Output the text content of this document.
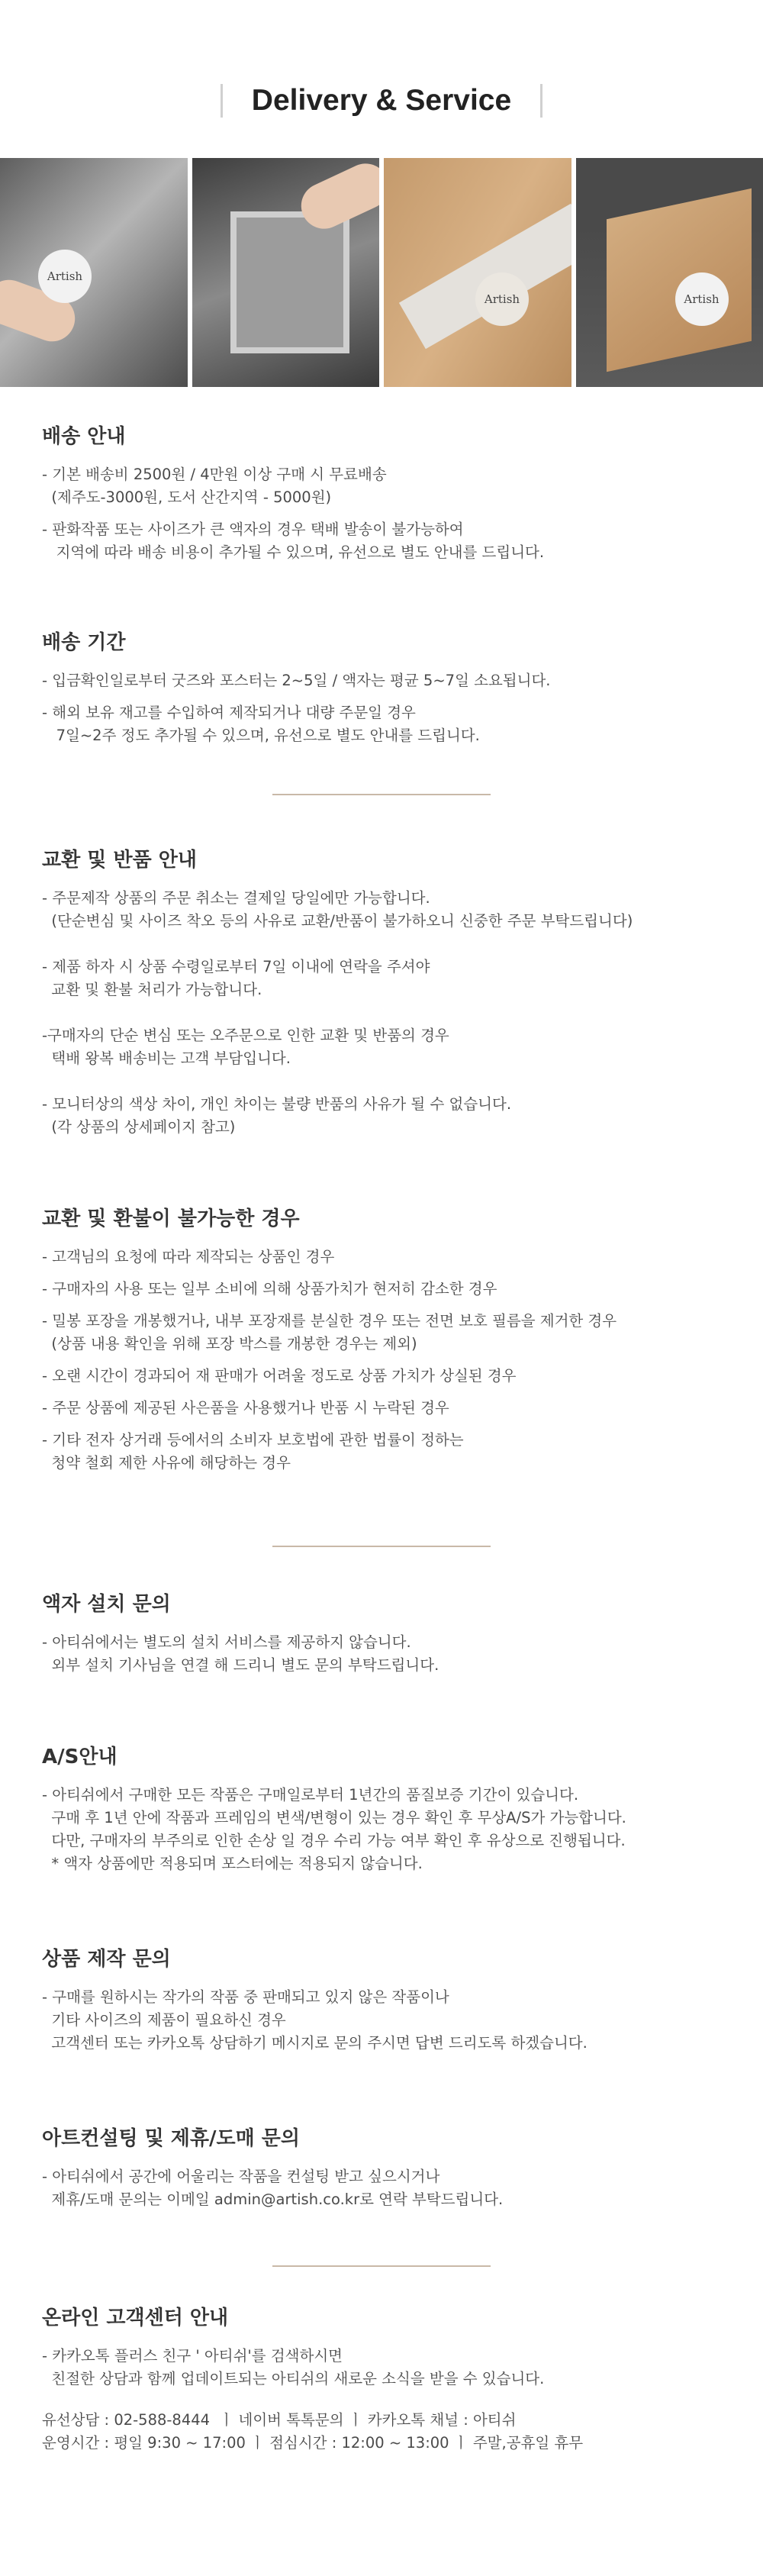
Delivery & Service
Artish
Artish	Artish
배송 안내
- 기본 배송비 2500원 / 4만원 이상 구매 시 무료배송
(제주도-3000원, 도서 산간지역 - 5000원)
- 판화작품 또는 사이즈가 큰 액자의 경우 택배 발송이 불가능하여
지역에 따라 배송 비용이 추가될 수 있으며, 유선으로 별도 안내를 드립니다.
배송 기간
- 입금확인일로부터 굿즈와 포스터는 2~5일 / 액자는 평균 5~7일 소요됩니다.
- 해외 보유 재고를 수입하여 제작되거나 대량 주문일 경우
7일~2주 정도 추가될 수 있으며, 유선으로 별도 안내를 드립니다.
교환 및 반품 안내
- 주문제작 상품의 주문 취소는 결제일 당일에만 가능합니다.
(단순변심 및 사이즈 착오 등의 사유로 교환/반품이 불가하오니 신중한 주문 부탁드립니다)
- 제품 하자 시 상품 수령일로부터 7일 이내에 연락을 주셔야
교환 및 환불 처리가 가능합니다.
-구매자의 단순 변심 또는 오주문으로 인한 교환 및 반품의 경우
택배 왕복 배송비는 고객 부담입니다.
- 모니터상의 색상 차이, 개인 차이는 불량 반품의 사유가 될 수 없습니다.
(각 상품의 상세페이지 참고)
교환 및 환불이 불가능한 경우
- 고객님의 요청에 따라 제작되는 상품인 경우
- 구매자의 사용 또는 일부 소비에 의해 상품가치가 현저히 감소한 경우
- 밀봉 포장을 개봉했거나, 내부 포장재를 분실한 경우 또는 전면 보호 필름을 제거한 경우
(상품 내용 확인을 위해 포장 박스를 개봉한 경우는 제외)
- 오랜 시간이 경과되어 재 판매가 어려울 정도로 상품 가치가 상실된 경우
- 주문 상품에 제공된 사은품을 사용했거나 반품 시 누락된 경우
- 기타 전자 상거래 등에서의 소비자 보호법에 관한 법률이 정하는
청약 철회 제한 사유에 해당하는 경우
액자 설치 문의
- 아티쉬에서는 별도의 설치 서비스를 제공하지 않습니다.
외부 설치 기사님을 연결 해 드리니 별도 문의 부탁드립니다.
A/S안내
- 아티쉬에서 구매한 모든 작품은 구매일로부터 1년간의 품질보증 기간이 있습니다.
구매 후 1년 안에 작품과 프레임의 변색/변형이 있는 경우 확인 후 무상A/S가 가능합니다.
다만, 구매자의 부주의로 인한 손상 일 경우 수리 가능 여부 확인 후 유상으로 진행됩니다.
* 액자 상품에만 적용되며 포스터에는 적용되지 않습니다.
상품 제작 문의
- 구매를 원하시는 작가의 작품 중 판매되고 있지 않은 작품이나
기타 사이즈의 제품이 필요하신 경우
고객센터 또는 카카오톡 상담하기 메시지로 문의 주시면 답변 드리도록 하겠습니다.
아트컨설팅 및 제휴/도매 문의
- 아티쉬에서 공간에 어울리는 작품을 컨설팅 받고 싶으시거나
제휴/도매 문의는 이메일 admin@artish.co.kr로 연락 부탁드립니다.
온라인 고객센터 안내
- 카카오톡 플러스 친구 ' 아티쉬'를 검색하시면
친절한 상담과 함께 업데이트되는 아티쉬의 새로운 소식을 받을 수 있습니다.
유선상담 : 02-588-8444  ㅣ 네이버 톡톡문의 ㅣ 카카오톡 채널 : 아티쉬
운영시간 : 평일 9:30 ~ 17:00 ㅣ 점심시간 : 12:00 ~ 13:00 ㅣ 주말,공휴일 휴무
